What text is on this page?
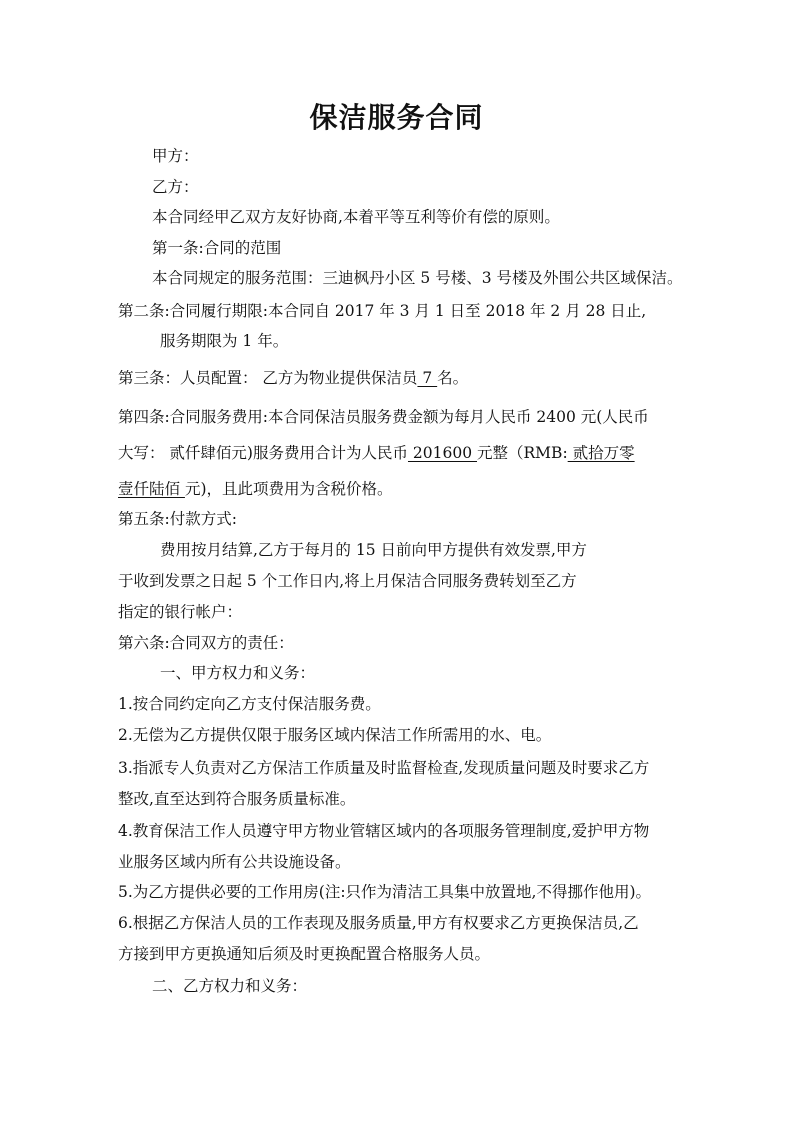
保洁服务合同
甲方：
乙方：
本合同经甲乙双方友好协商,本着平等互利等价有偿的原则。
第一条:合同的范围
本合同规定的服务范围：三迪枫丹小区 5 号楼、3 号楼及外围公共区域保洁。
第二条:合同履行期限:本合同自 2017 年 3 月 1 日至 2018 年 2 月 28 日止,
服务期限为 1 年。
第三条：人员配置： 乙方为物业提供保洁员 7 名。
第四条:合同服务费用:本合同保洁员服务费金额为每月人民币 2400 元(人民币
大写： 贰仟肆佰元)服务费用合计为人民币 201600 元整（RMB: 贰拾万零
壹仟陆佰 元)，且此项费用为含税价格。
第五条:付款方式:
费用按月结算,乙方于每月的 15 日前向甲方提供有效发票,甲方
于收到发票之日起 5 个工作日内,将上月保洁合同服务费转划至乙方
指定的银行帐户：
第六条:合同双方的责任：
一、甲方权力和义务：
1.按合同约定向乙方支付保洁服务费。
2.无偿为乙方提供仅限于服务区域内保洁工作所需用的水、电。
3.指派专人负责对乙方保洁工作质量及时监督检查,发现质量问题及时要求乙方
整改,直至达到符合服务质量标准。
4.教育保洁工作人员遵守甲方物业管辖区域内的各项服务管理制度,爱护甲方物
业服务区域内所有公共设施设备。
5.为乙方提供必要的工作用房(注:只作为清洁工具集中放置地,不得挪作他用)。
6.根据乙方保洁人员的工作表现及服务质量,甲方有权要求乙方更换保洁员,乙
方接到甲方更换通知后须及时更换配置合格服务人员。
二、乙方权力和义务：
